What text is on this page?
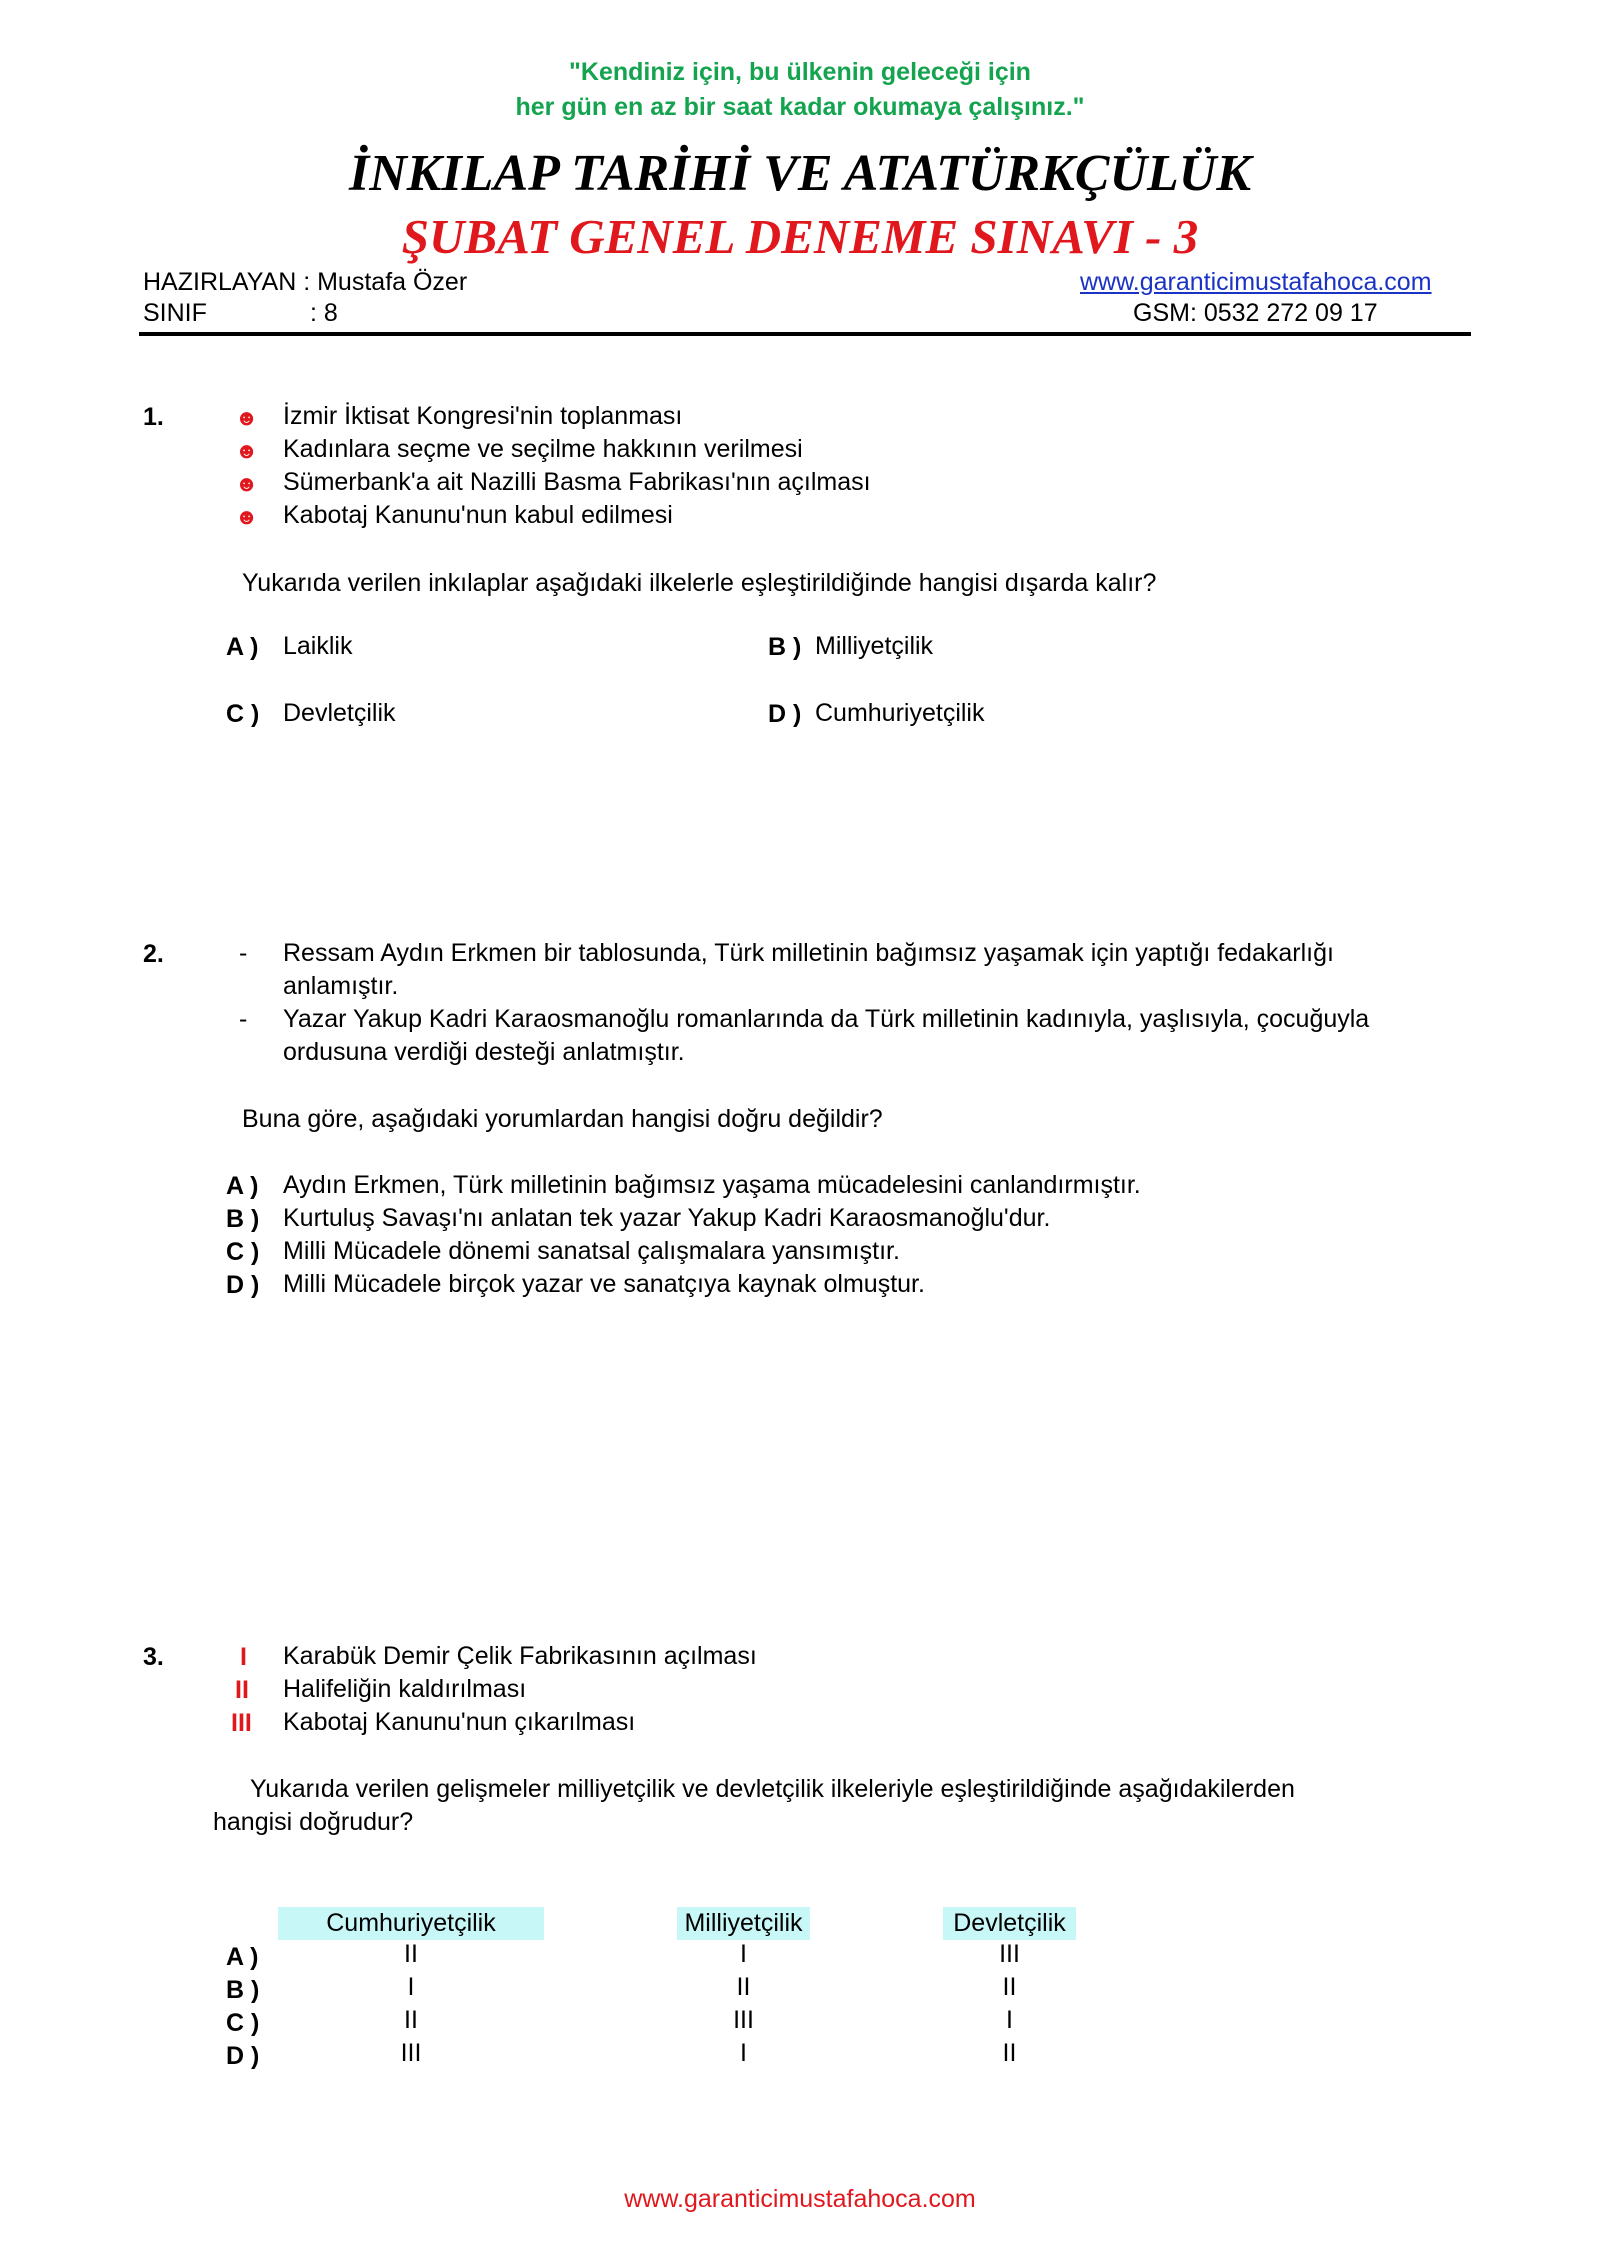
"Kendiniz için, bu ülkenin geleceği için
her gün en az bir saat kadar okumaya çalışınız."
İNKILAP TARİHİ VE ATATÜRKÇÜLÜK
ŞUBAT GENEL DENEME SINAVI - 3
HAZIRLAYAN : Mustafa Özer
SINIF	: 8
www.garanticimustafahoca.com
GSM: 0532 272 09 17
1.	☻ İzmir İktisat Kongresi'nin toplanması
☻ Kadınlara seçme ve seçilme hakkının verilmesi
☻ Sümerbank'a ait Nazilli Basma Fabrikası'nın açılması
☻ Kabotaj Kanunu'nun kabul edilmesi
Yukarıda verilen inkılaplar aşağıdaki ilkelerle eşleştirildiğinde hangisi dışarda kalır?
A ) Laiklik	B ) Milliyetçilik
C ) Devletçilik	D ) Cumhuriyetçilik
2.	- Ressam Aydın Erkmen bir tablosunda, Türk milletinin bağımsız yaşamak için yaptığı fedakarlığı
anlamıştır.
- Yazar Yakup Kadri Karaosmanoğlu romanlarında da Türk milletinin kadınıyla, yaşlısıyla, çocuğuyla
ordusuna verdiği desteği anlatmıştır.
Buna göre, aşağıdaki yorumlardan hangisi doğru değildir?
A ) Aydın Erkmen, Türk milletinin bağımsız yaşama mücadelesini canlandırmıştır.
B ) Kurtuluş Savaşı'nı anlatan tek yazar Yakup Kadri Karaosmanoğlu'dur.
C ) Milli Mücadele dönemi sanatsal çalışmalara yansımıştır.
D ) Milli Mücadele birçok yazar ve sanatçıya kaynak olmuştur.
3.	I Karabük Demir Çelik Fabrikasının açılması
II Halifeliğin kaldırılması
III Kabotaj Kanunu'nun çıkarılması
Yukarıda verilen gelişmeler milliyetçilik ve devletçilik ilkeleriyle eşleştirildiğinde aşağıdakilerden
hangisi doğrudur?
Cumhuriyetçilik	Milliyetçilik	Devletçilik
A )	II	I	III
B )	I	II	II
C )	II	III	I
D )	III	I	II
www.garanticimustafahoca.com
